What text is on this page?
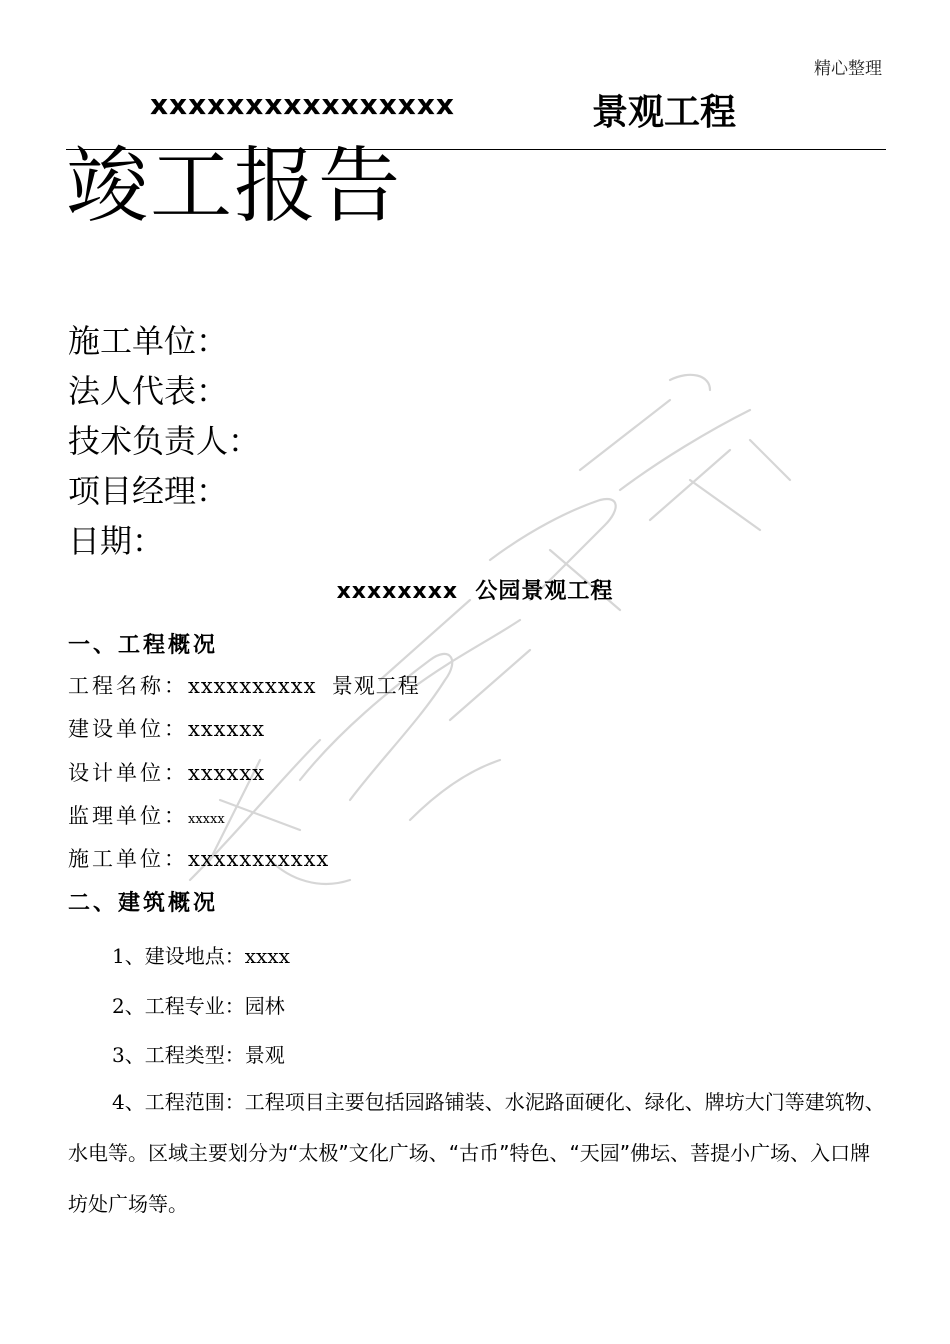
精心整理
xxxxxxxxxxxxxxxx	景观工程
竣工报告
施工单位：
法人代表：
技术负责人：
项目经理：
日期：
xxxxxxxx  公园景观工程
一、工程概况
工程名称：xxxxxxxxxx  景观工程
建设单位：xxxxxx
设计单位：xxxxxx
监理单位：xxxxx
施工单位：xxxxxxxxxxx
二、建筑概况
1、建设地点：xxxx
2、工程专业：园林
3、工程类型：景观
4、工程范围：工程项目主要包括园路铺装、水泥路面硬化、绿化、牌坊大门等建筑物、水电等。区域主要划分为“太极”文化广场、“古币”特色、“天园”佛坛、菩提小广场、入口牌坊处广场等。
